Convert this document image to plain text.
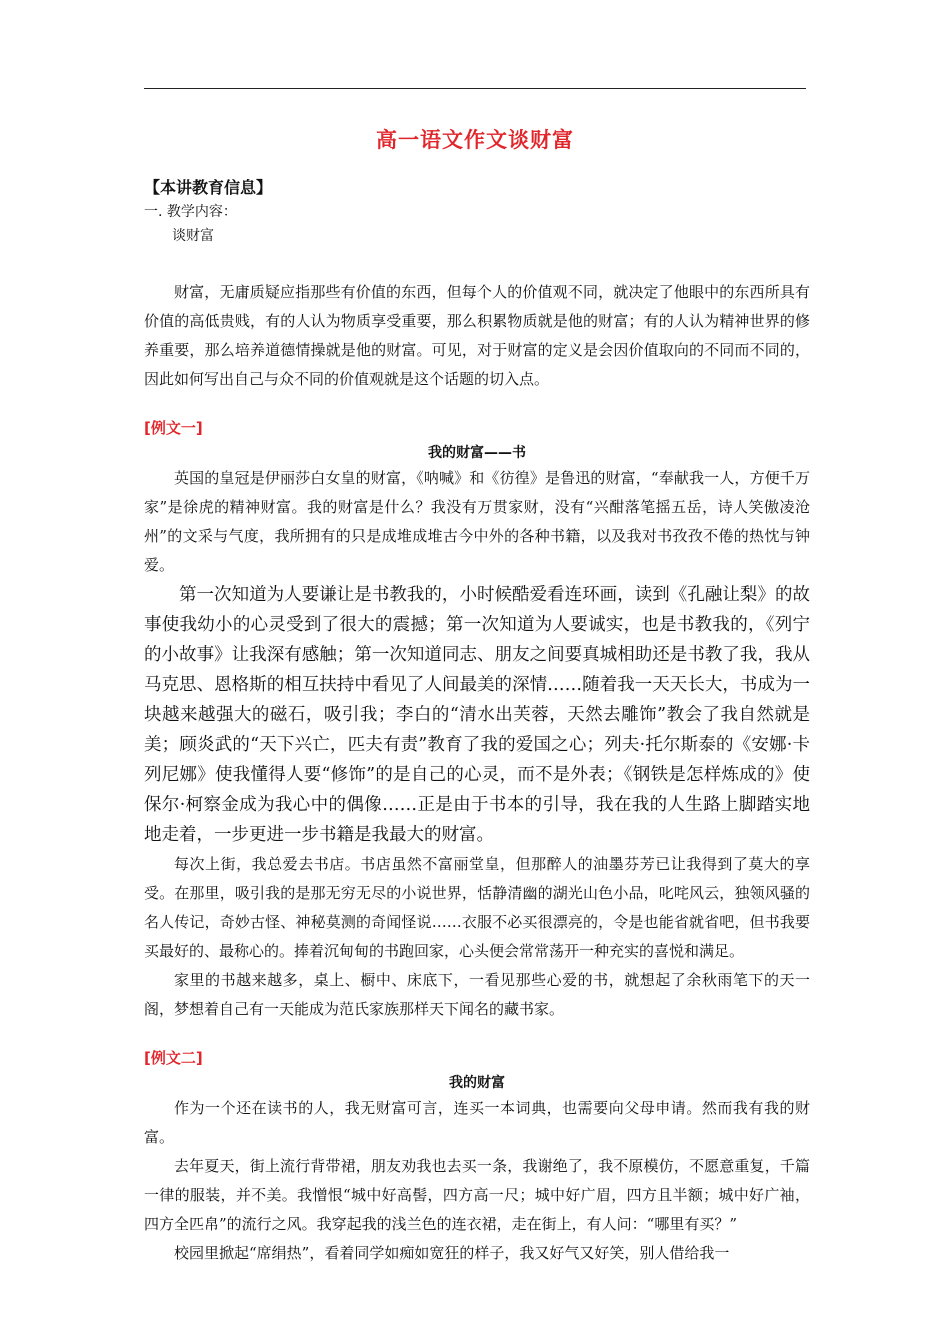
高一语文作文谈财富
【本讲教育信息】
一. 教学内容：
谈财富

财富，无庸质疑应指那些有价值的东西，但每个人的价值观不同，就决定了他眼中的东西所具有价值的高低贵贱，有的人认为物质享受重要，那么积累物质就是他的财富；有的人认为精神世界的修养重要，那么培养道德情操就是他的财富。可见，对于财富的定义是会因价值取向的不同而不同的，因此如何写出自己与众不同的价值观就是这个话题的切入点。

[例文一]
我的财富——书

英国的皇冠是伊丽莎白女皇的财富，《呐喊》和《彷徨》是鲁迅的财富，“奉献我一人，方便千万家”是徐虎的精神财富。我的财富是什么？我没有万贯家财，没有“兴酣落笔摇五岳，诗人笑傲凌沧州”的文采与气度，我所拥有的只是成堆成堆古今中外的各种书籍，以及我对书孜孜不倦的热忱与钟爱。

第一次知道为人要谦让是书教我的，小时候酷爱看连环画，读到《孔融让梨》的故事使我幼小的心灵受到了很大的震撼；第一次知道为人要诚实，也是书教我的，《列宁的小故事》让我深有感触；第一次知道同志、朋友之间要真城相助还是书教了我，我从马克思、恩格斯的相互扶持中看见了人间最美的深情……随着我一天天长大，书成为一块越来越强大的磁石，吸引我；李白的“清水出芙蓉，天然去雕饰”教会了我自然就是美；顾炎武的“天下兴亡，匹夫有责”教育了我的爱国之心；列夫·托尔斯泰的《安娜·卡列尼娜》使我懂得人要“修饰”的是自己的心灵，而不是外表；《钢铁是怎样炼成的》使保尔·柯察金成为我心中的偶像……正是由于书本的引导，我在我的人生路上脚踏实地地走着，一步更进一步书籍是我最大的财富。

每次上街，我总爱去书店。书店虽然不富丽堂皇，但那醉人的油墨芬芳已让我得到了莫大的享受。在那里，吸引我的是那无穷无尽的小说世界，恬静清幽的湖光山色小品，叱咤风云，独领风骚的名人传记，奇妙古怪、神秘莫测的奇闻怪说……衣服不必买很漂亮的，令是也能省就省吧，但书我要买最好的、最称心的。捧着沉甸甸的书跑回家，心头便会常常荡开一种充实的喜悦和满足。

家里的书越来越多，桌上、橱中、床底下，一看见那些心爱的书，就想起了余秋雨笔下的天一阁，梦想着自己有一天能成为范氏家族那样天下闻名的藏书家。

[例文二]
我的财富

作为一个还在读书的人，我无财富可言，连买一本词典，也需要向父母申请。然而我有我的财富。

去年夏天，街上流行背带裙，朋友劝我也去买一条，我谢绝了，我不原模仿，不愿意重复，千篇一律的服装，并不美。我憎恨“城中好高髻，四方高一尺；城中好广眉，四方且半额；城中好广袖，四方全匹帛”的流行之风。我穿起我的浅兰色的连衣裙，走在街上，有人问：“哪里有买？”

校园里掀起“席绢热”，看着同学如痴如宽狂的样子，我又好气又好笑，别人借给我一
